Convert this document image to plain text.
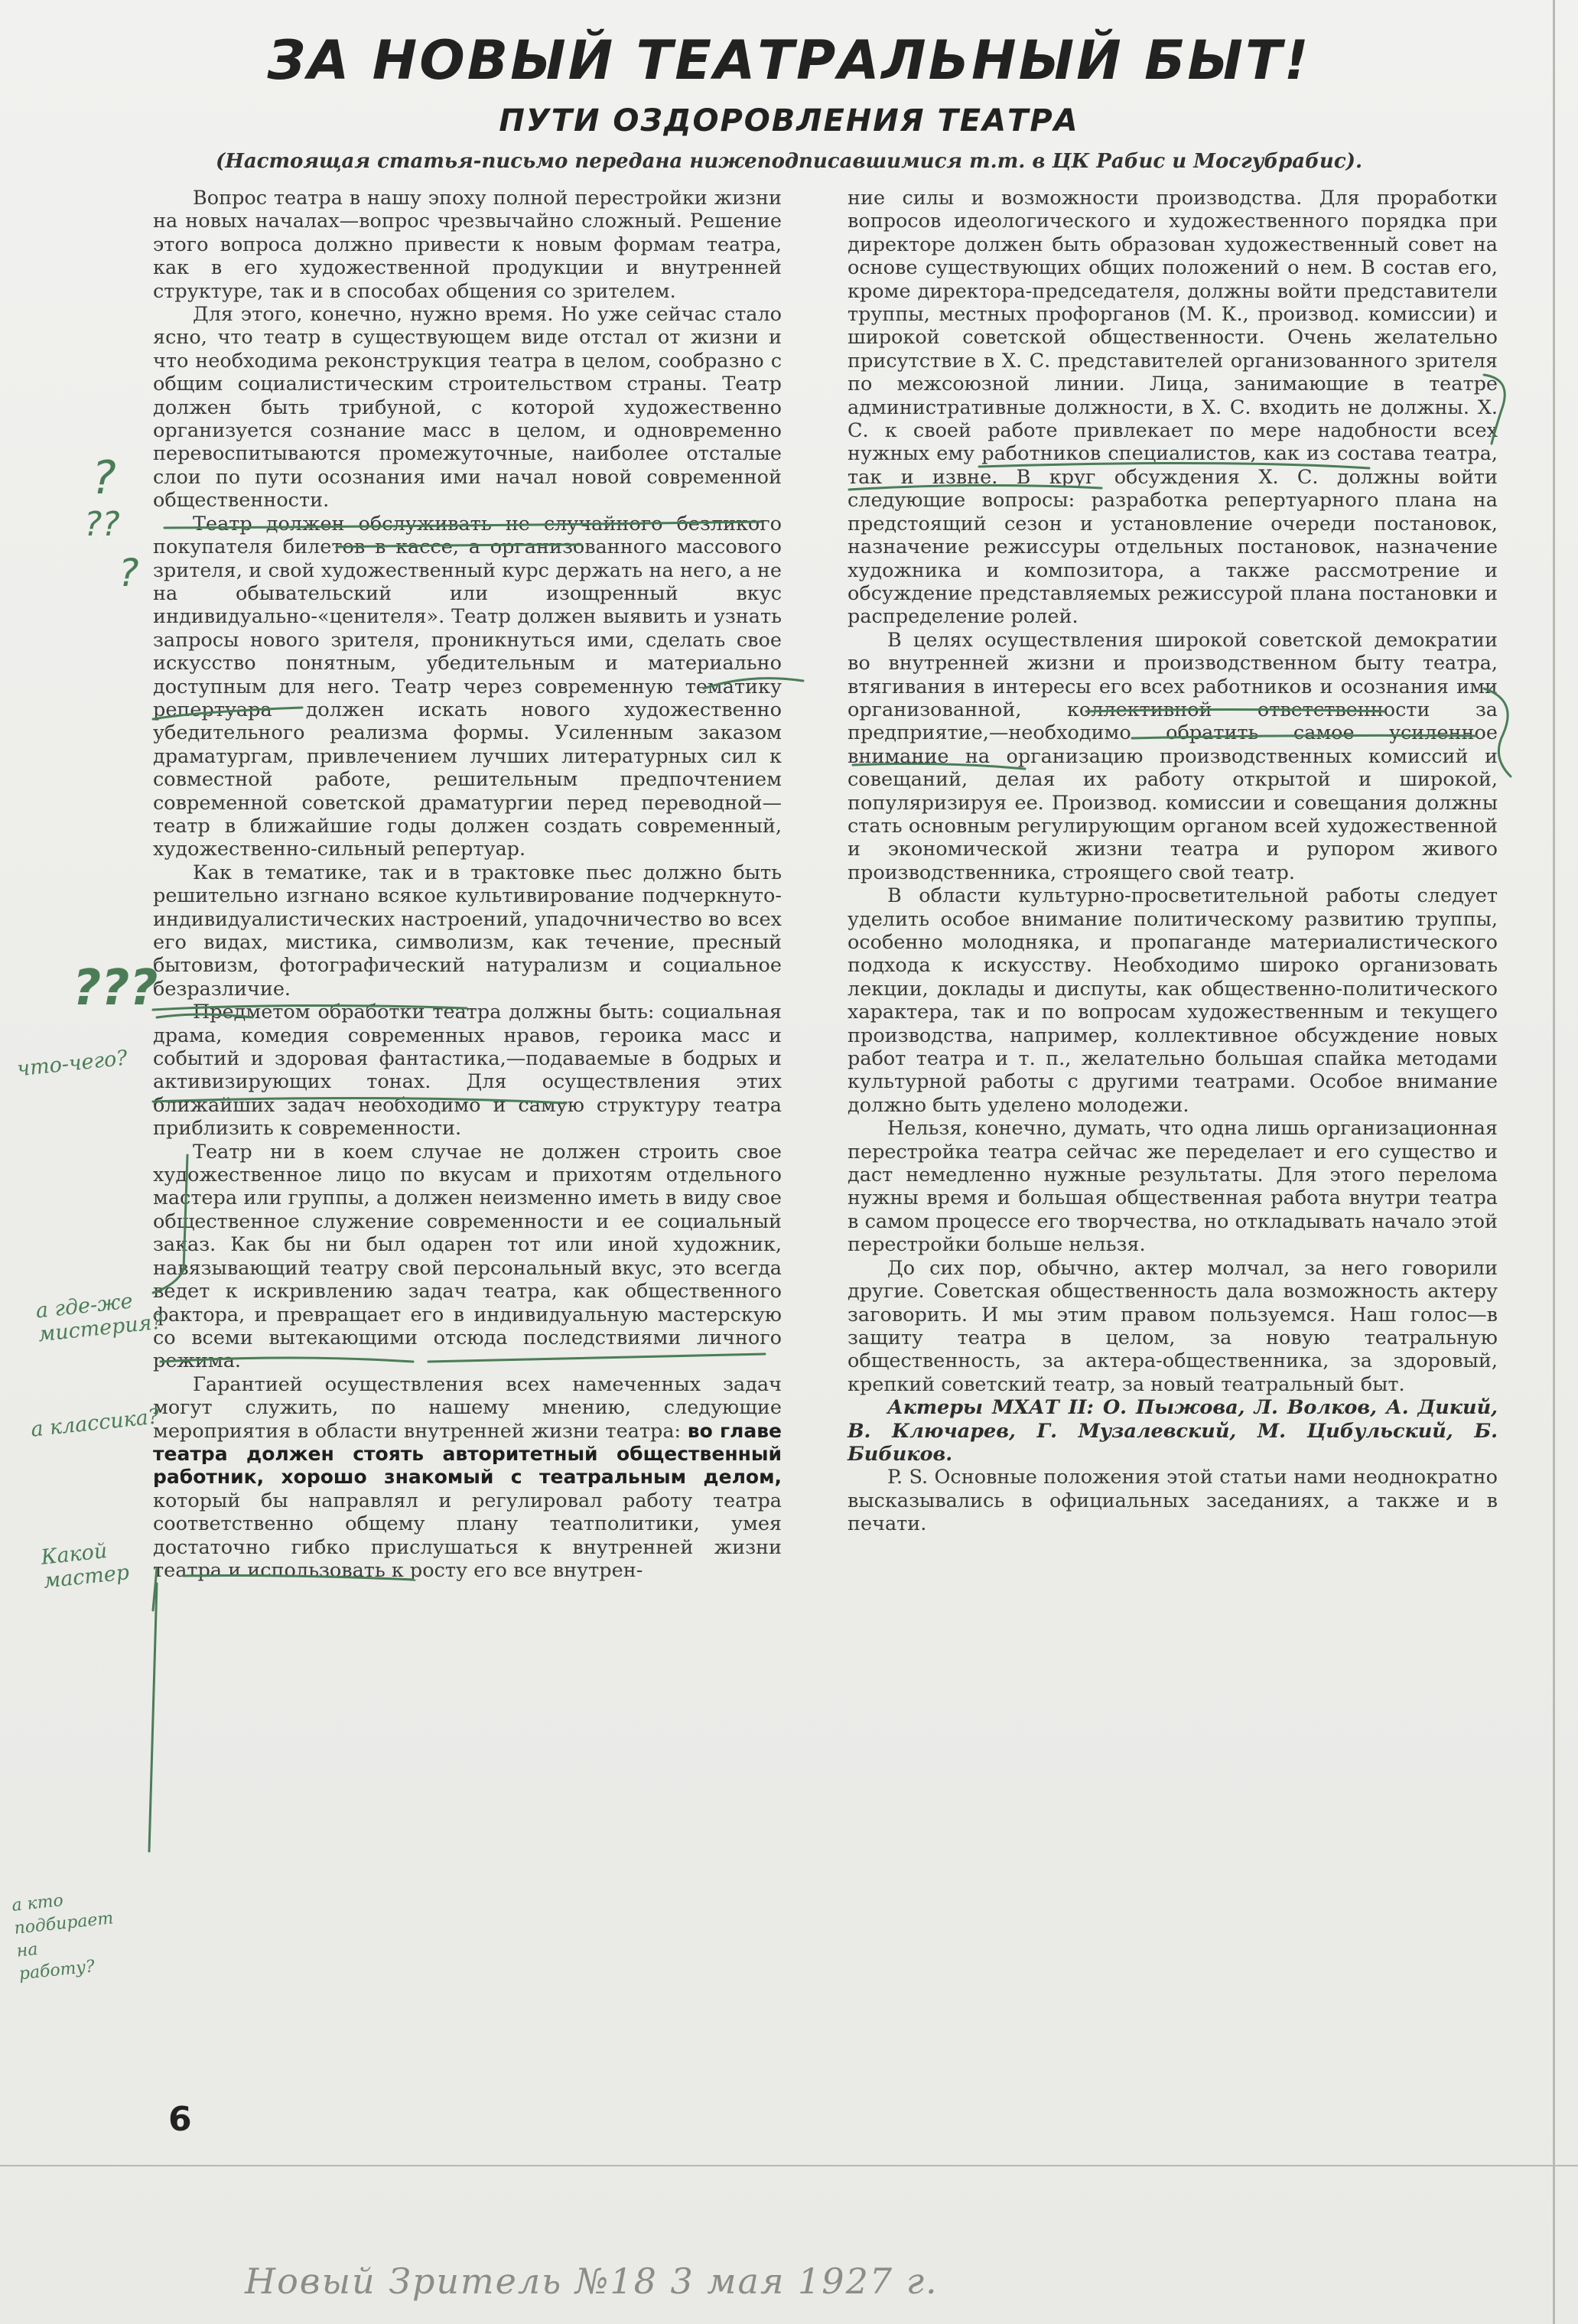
ЗА НОВЫЙ ТЕАТРАЛЬНЫЙ БЫТ!
ПУТИ ОЗДОРОВЛЕНИЯ ТЕАТРА
(Настоящая статья-письмо передана нижеподписавшимися т.т. в ЦК Рабис и Мосгубрабис).

Вопрос театра в нашу эпоху полной перестройки жизни на новых началах—вопрос чрезвычайно сложный. Решение этого вопроса должно привести к новым формам театра, как в его художественной продукции и внутренней структуре, так и в способах общения со зрителем.

Для этого, конечно, нужно время. Но уже сейчас стало ясно, что театр в существующем виде отстал от жизни и что необходима реконструкция театра в целом, сообразно с общим социалистическим строительством страны. Театр должен быть трибуной, с которой художественно организуется сознание масс в целом, и одновременно перевоспитываются промежуточные, наиболее отсталые слои по пути осознания ими начал новой современной общественности.

Театр должен обслуживать не случайного безликого покупателя билетов в кассе, а организованного массового зрителя, и свой художественный курс держать на него, а не на обывательский или изощренный вкус индивидуально-«ценителя». Театр должен выявить и узнать запросы нового зрителя, проникнуться ими, сделать свое искусство понятным, убедительным и материально доступным для него. Театр через современную тематику репертуара должен искать нового художественно убедительного реализма формы. Усиленным заказом драматургам, привлечением лучших литературных сил к совместной работе, решительным предпочтением современной советской драматургии перед переводной—театр в ближайшие годы должен создать современный, художественно-сильный репертуар.

Как в тематике, так и в трактовке пьес должно быть решительно изгнано всякое культивирование подчеркнуто-индивидуалистических настроений, упадочничество во всех его видах, мистика, символизм, как течение, пресный бытовизм, фотографический натурализм и социальное безразличие.

Предметом обработки театра должны быть: социальная драма, комедия современных нравов, героика масс и событий и здоровая фантастика,—подаваемые в бодрых и активизирующих тонах. Для осуществления этих ближайших задач необходимо и самую структуру театра приблизить к современности.

Театр ни в коем случае не должен строить свое художественное лицо по вкусам и прихотям отдельного мастера или группы, а должен неизменно иметь в виду свое общественное служение современности и ее социальный заказ. Как бы ни был одарен тот или иной художник, навязывающий театру свой персональный вкус, это всегда ведет к искривлению задач театра, как общественного фактора, и превращает его в индивидуальную мастерскую со всеми вытекающими отсюда последствиями личного режима.

Гарантией осуществления всех намеченных задач могут служить, по нашему мнению, следующие мероприятия в области внутренней жизни театра: во главе театра должен стоять авторитетный общественный работник, хорошо знакомый с театральным делом, который бы направлял и регулировал работу театра соответственно общему плану театполитики, умея достаточно гибко прислушаться к внутренней жизни театра и использовать к росту его все внутрен-

ние силы и возможности производства. Для проработки вопросов идеологического и художественного порядка при директоре должен быть образован художественный совет на основе существующих общих положений о нем. В состав его, кроме директора-председателя, должны войти представители труппы, местных профорганов (М. К., производ. комиссии) и широкой советской общественности. Очень желательно присутствие в Х. С. представителей организованного зрителя по межсоюзной линии. Лица, занимающие в театре административные должности, в Х. С. входить не должны. Х. С. к своей работе привлекает по мере надобности всех нужных ему работников специалистов, как из состава театра, так и извне. В круг обсуждения Х. С. должны войти следующие вопросы: разработка репертуарного плана на предстоящий сезон и установление очереди постановок, назначение режиссуры отдельных постановок, назначение художника и композитора, а также рассмотрение и обсуждение представляемых режиссурой плана постановки и распределение ролей.

В целях осуществления широкой советской демократии во внутренней жизни и производственном быту театра, втягивания в интересы его всех работников и осознания ими организованной, коллективной ответственности за предприятие,—необходимо обратить самое усиленное внимание на организацию производственных комиссий и совещаний, делая их работу открытой и широкой, популяризируя ее. Производ. комиссии и совещания должны стать основным регулирующим органом всей художественной и экономической жизни театра и рупором живого производственника, строящего свой театр.

В области культурно-просветительной работы следует уделить особое внимание политическому развитию труппы, особенно молодняка, и пропаганде материалистического подхода к искусству. Необходимо широко организовать лекции, доклады и диспуты, как общественно-политического характера, так и по вопросам художественным и текущего производства, например, коллективное обсуждение новых работ театра и т. п., желательно большая спайка методами культурной работы с другими театрами. Особое внимание должно быть уделено молодежи.

Нельзя, конечно, думать, что одна лишь организационная перестройка театра сейчас же переделает и его существо и даст немедленно нужные результаты. Для этого перелома нужны время и большая общественная работа внутри театра в самом процессе его творчества, но откладывать начало этой перестройки больше нельзя.

До сих пор, обычно, актер молчал, за него говорили другие. Советская общественность дала возможность актеру заговорить. И мы этим правом пользуемся. Наш голос—в защиту театра в целом, за новую театральную общественность, за актера-общественника, за здоровый, крепкий советский театр, за новый театральный быт.

Актеры МХАТ II: О. Пыжова, Л. Волков, А. Дикий, В. Ключарев, Г. Музалевский, М. Цибульский, Б. Бибиков.

P. S. Основные положения этой статьи нами неоднократно высказывались в официальных заседаниях, а также и в печати.

6
Новый Зритель №18 3 мая 1927 г.
?
??
?
???
что-чего?
а где-же
мистерия?
а классика?
Какой
мастер
а кто
подбирает
на
работу?
